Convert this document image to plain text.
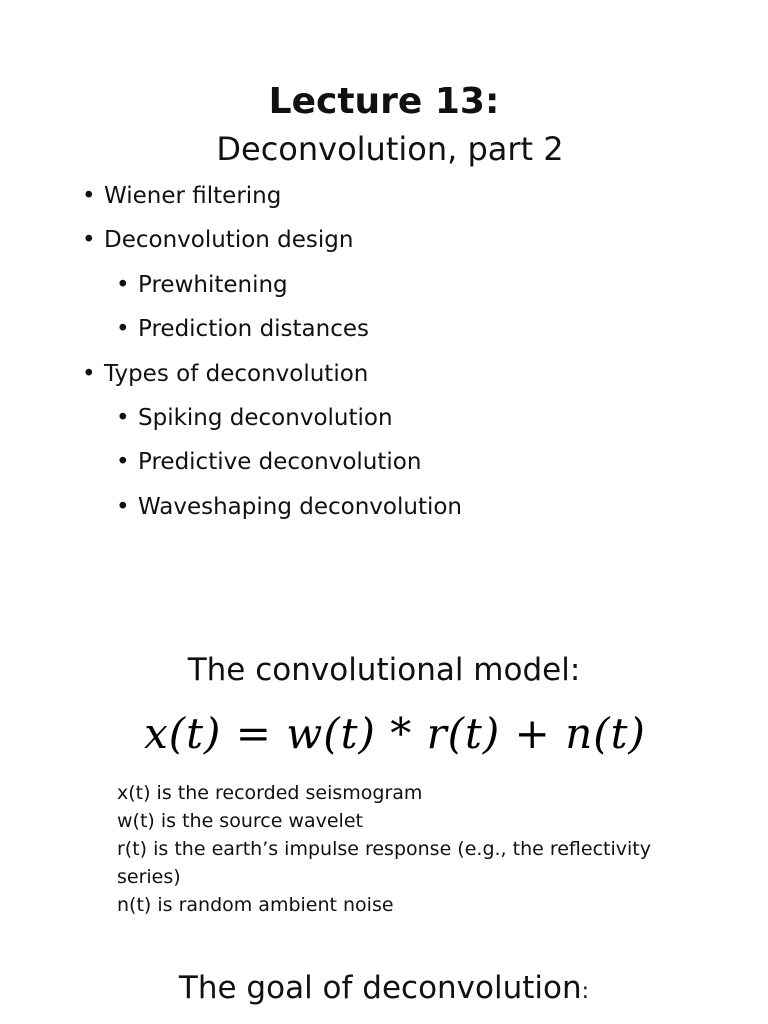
Lecture 13:
Deconvolution, part 2
• Wiener filtering
• Deconvolution design
• Prewhitening
• Prediction distances
• Types of deconvolution
• Spiking deconvolution
• Predictive deconvolution
• Waveshaping deconvolution
The convolutional model:
x(t) = w(t) * r(t) + n(t)
x(t) is the recorded seismogram
w(t) is the source wavelet
r(t) is the earth’s impulse response (e.g., the reflectivity series)
n(t) is random ambient noise
The goal of deconvolution:
